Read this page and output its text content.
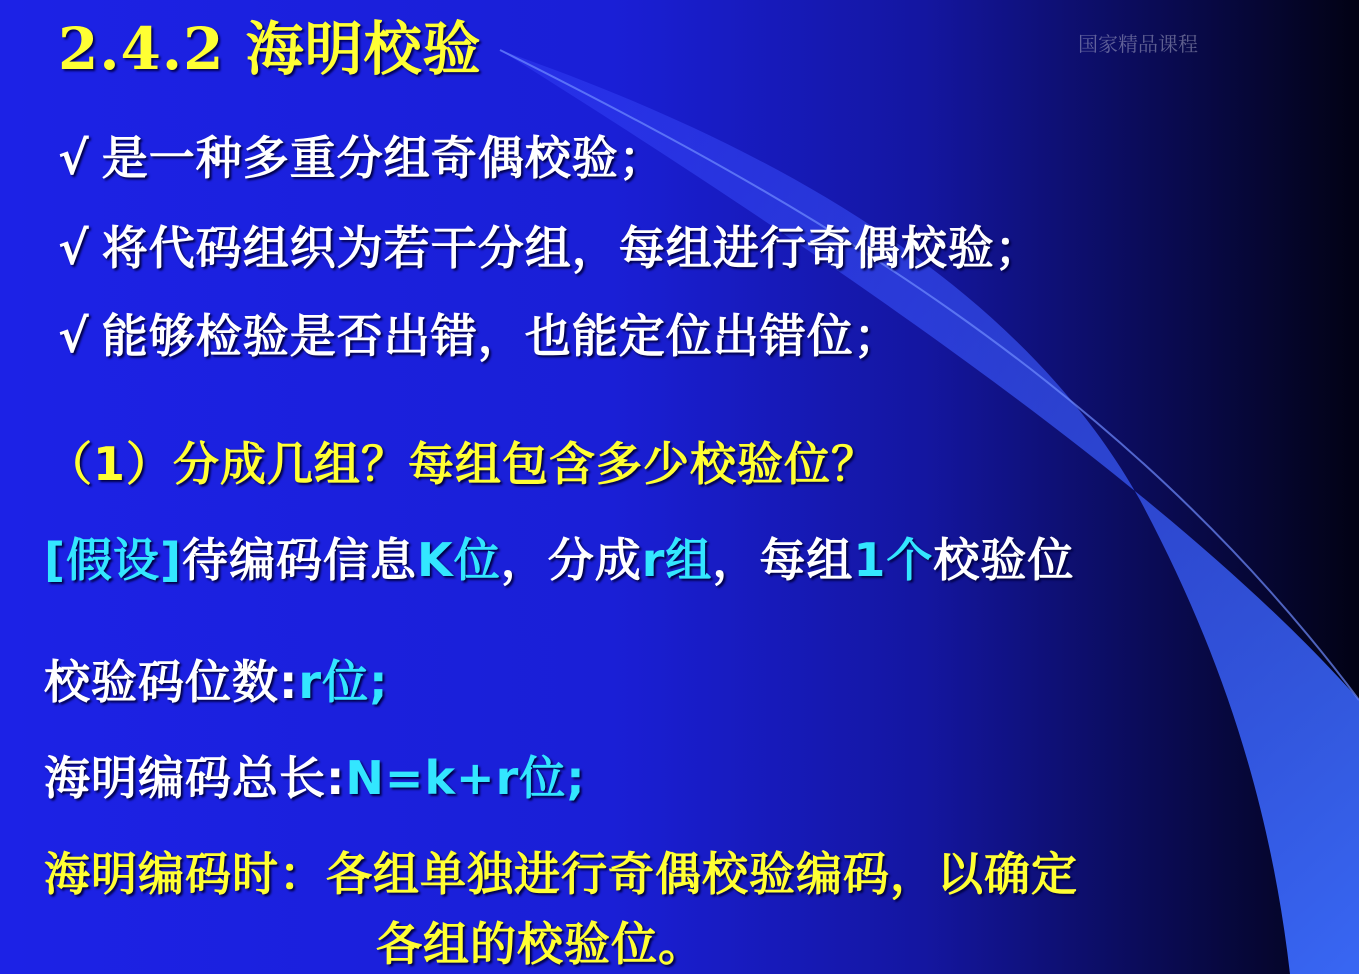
2.4.2 海明校验	国家精品课程
√ 是一种多重分组奇偶校验；
√ 将代码组织为若干分组，每组进行奇偶校验；
√ 能够检验是否出错，也能定位出错位；
（1）分成几组？每组包含多少校验位？
[假设]待编码信息K位，分成r组，每组1个校验位
校验码位数:r位;
海明编码总长:N=k+r位;
海明编码时：各组单独进行奇偶校验编码，以确定
各组的校验位。
